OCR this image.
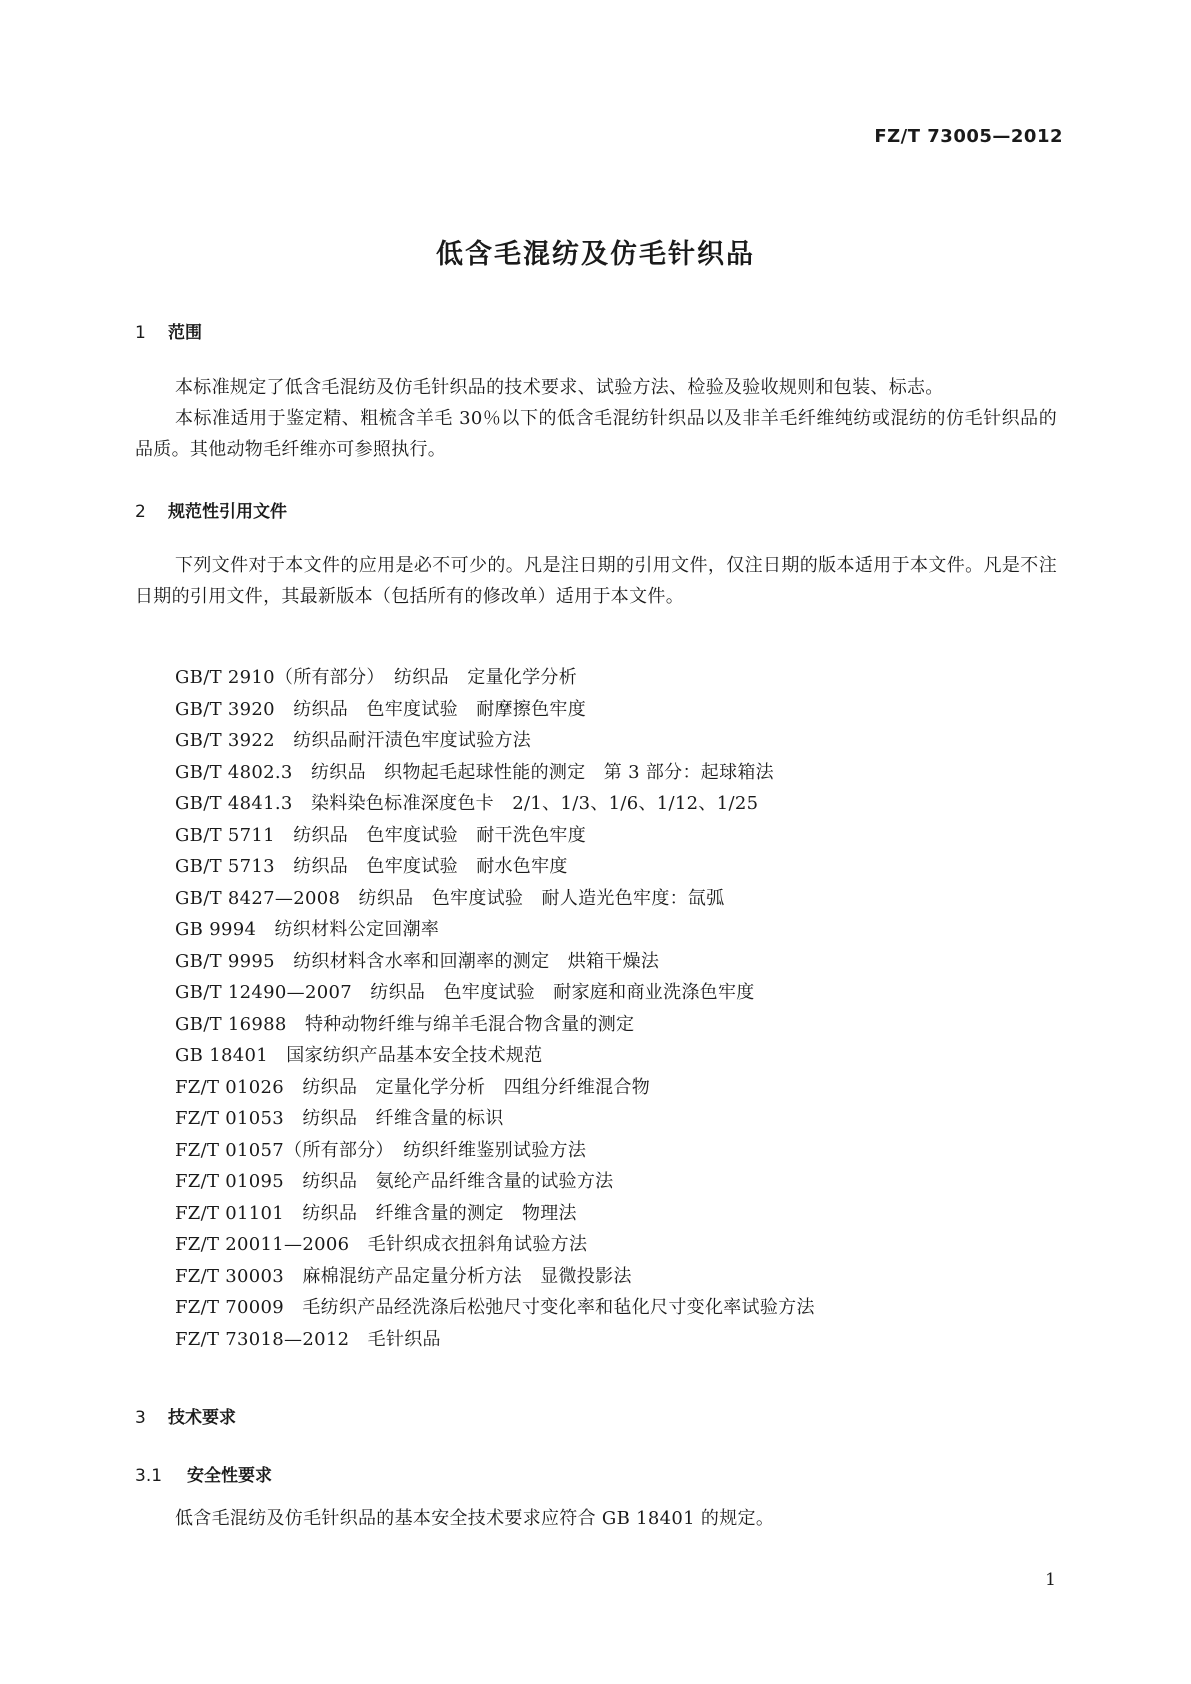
FZ/T 73005—2012
低含毛混纺及仿毛针织品
1 范围
本标准规定了低含毛混纺及仿毛针织品的技术要求、试验方法、检验及验收规则和包装、标志。
本标准适用于鉴定精、粗梳含羊毛 30％以下的低含毛混纺针织品以及非羊毛纤维纯纺或混纺的仿毛针织品的品质。其他动物毛纤维亦可参照执行。
2 规范性引用文件
下列文件对于本文件的应用是必不可少的。凡是注日期的引用文件，仅注日期的版本适用于本文件。凡是不注日期的引用文件，其最新版本（包括所有的修改单）适用于本文件。
GB/T 2910（所有部分）　纺织品　定量化学分析
GB/T 3920　纺织品　色牢度试验　耐摩擦色牢度
GB/T 3922　纺织品耐汗渍色牢度试验方法
GB/T 4802.3　纺织品　织物起毛起球性能的测定　第 3 部分：起球箱法
GB/T 4841.3　染料染色标准深度色卡　2/1、1/3、1/6、1/12、1/25
GB/T 5711　纺织品　色牢度试验　耐干洗色牢度
GB/T 5713　纺织品　色牢度试验　耐水色牢度
GB/T 8427—2008　纺织品　色牢度试验　耐人造光色牢度：氙弧
GB 9994　纺织材料公定回潮率
GB/T 9995　纺织材料含水率和回潮率的测定　烘箱干燥法
GB/T 12490—2007　纺织品　色牢度试验　耐家庭和商业洗涤色牢度
GB/T 16988　特种动物纤维与绵羊毛混合物含量的测定
GB 18401　国家纺织产品基本安全技术规范
FZ/T 01026　纺织品　定量化学分析　四组分纤维混合物
FZ/T 01053　纺织品　纤维含量的标识
FZ/T 01057（所有部分）　纺织纤维鉴别试验方法
FZ/T 01095　纺织品　氨纶产品纤维含量的试验方法
FZ/T 01101　纺织品　纤维含量的测定　物理法
FZ/T 20011—2006　毛针织成衣扭斜角试验方法
FZ/T 30003　麻棉混纺产品定量分析方法　显微投影法
FZ/T 70009　毛纺织产品经洗涤后松弛尺寸变化率和毡化尺寸变化率试验方法
FZ/T 73018—2012　毛针织品
3 技术要求
3.1 安全性要求
低含毛混纺及仿毛针织品的基本安全技术要求应符合 GB 18401 的规定。
1
